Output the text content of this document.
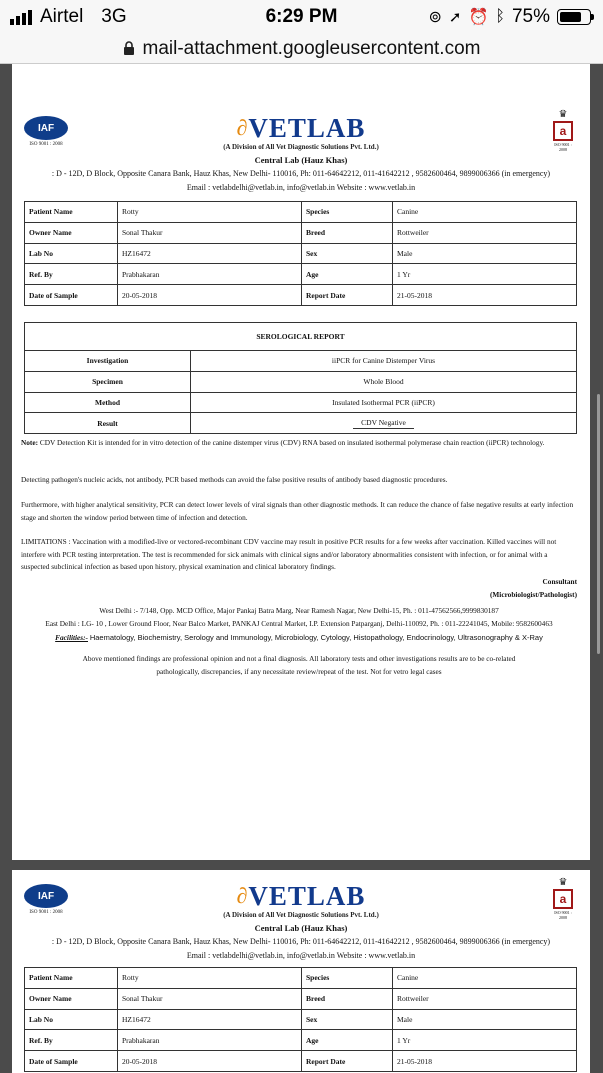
Airtel 3G	6:29 PM	⊚ ➚ ⏰ ᛒ 75%
mail-attachment.googleusercontent.com
IAF
ISO 9001 : 2008
∂VETLAB
(A Division of All Vet Diagnostic Solutions Pvt. Ltd.)
♛
a
ISO 9001 : 2008
Central Lab (Hauz Khas)
: D - 12D, D Block, Opposite Canara Bank, Hauz Khas, New Delhi- 110016, Ph: 011-64642212, 011-41642212 , 9582600464, 9899006366 (in emergency)
Email : vetlabdelhi@vetlab.in, info@vetlab.in Website : www.vetlab.in
Patient Name	Rotty	Species	Canine
Owner Name	Sonal Thakur	Breed	Rottweiler
Lab No	HZ16472	Sex	Male
Ref. By	Prabhakaran	Age	1 Yr
Date of Sample	20-05-2018	Report Date	21-05-2018
SEROLOGICAL REPORT	
Investigation	iiPCR for Canine Distemper Virus
Specimen	Whole Blood
Method	Insulated Isothermal PCR (iiPCR)
Result	CDV Negative
Note: CDV Detection Kit is intended for in vitro detection of the canine distemper virus (CDV) RNA based on insulated isothermal polymerase chain reaction (iiPCR) technology.
Detecting pathogen's nucleic acids, not antibody, PCR based methods can avoid the false positive results of antibody based diagnostic procedures.
Furthermore, with higher analytical sensitivity, PCR can detect lower levels of viral signals than other diagnostic methods. It can reduce the chance of false negative results at early infection stage and shorten the window period between time of infection and detection.
LIMITATIONS : Vaccination with a modified-live or vectored-recombinant CDV vaccine may result in positive PCR results for a few weeks after vaccination. Killed vaccines will not interfere with PCR testing interpretation. The test is recommended for sick animals with clinical signs and/or laboratory abnormalities consistent with infection, or for animal with a suspected subclinical infection as based upon history, physical examination and clinical laboratory findings.
Consultant
(Microbiologist/Pathologist)
West Delhi :- 7/148, Opp. MCD Office, Major Pankaj Batra Marg, Near Ramesh Nagar, New Delhi-15, Ph. : 011-47562566,9999830187
East Delhi : LG- 10 , Lower Ground Floor, Near Balco Market, PANKAJ Central Market, I.P. Extension Patparganj, Delhi-110092, Ph. : 011-22241045, Mobile: 9582600463
Facilities:- Haematology, Biochemistry, Serology and Immunology, Microbiology, Cytology, Histopathology, Endocrinology, Ultrasonography & X-Ray
Above mentioned findings are professional opinion and not a final diagnosis. All laboratory tests and other investigations results are to be co-related pathologically, discrepancies, if any necessitate review/repeat of the test. Not for vetro legal cases
IAF
ISO 9001 : 2008
∂VETLAB
(A Division of All Vet Diagnostic Solutions Pvt. Ltd.)
♛
a
ISO 9001 : 2008
Central Lab (Hauz Khas)
: D - 12D, D Block, Opposite Canara Bank, Hauz Khas, New Delhi- 110016, Ph: 011-64642212, 011-41642212 , 9582600464, 9899006366 (in emergency)
Email : vetlabdelhi@vetlab.in, info@vetlab.in Website : www.vetlab.in
Patient Name	Rotty	Species	Canine
Owner Name	Sonal Thakur	Breed	Rottweiler
Lab No	HZ16472	Sex	Male
Ref. By	Prabhakaran	Age	1 Yr
Date of Sample	20-05-2018	Report Date	21-05-2018
